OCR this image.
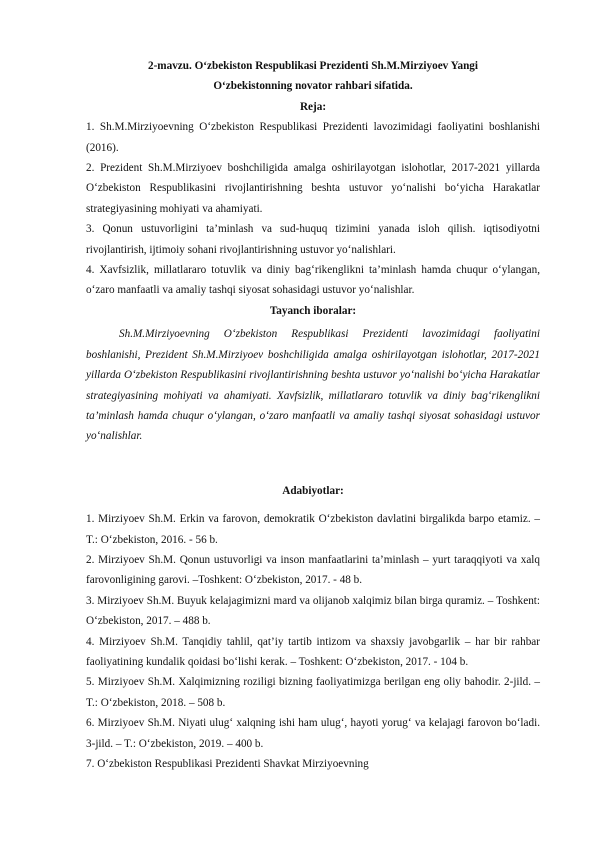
2-mavzu. O‘zbekiston Respublikasi Prezidenti Sh.M.Mirziyoev Yangi

O‘zbekistonning novator rahbari sifatida.

Reja:

1. Sh.M.Mirziyoevning O‘zbekiston Respublikasi Prezidenti lavozimidagi faoliyatini boshlanishi (2016).

2. Prezident Sh.M.Mirziyoev boshchiligida amalga oshirilayotgan islohotlar, 2017-2021 yillarda O‘zbekiston Respublikasini rivojlantirishning beshta ustuvor yo‘nalishi bo‘yicha Harakatlar strategiyasining mohiyati va ahamiyati.

3. Qonun ustuvorligini ta’minlash va sud-huquq tizimini yanada isloh qilish. iqtisodiyotni rivojlantirish, ijtimoiy sohani rivojlantirishning ustuvor yo‘nalishlari.

4. Xavfsizlik, millatlararo totuvlik va diniy bag‘rikenglikni ta’minlash hamda chuqur o‘ylangan, o‘zaro manfaatli va amaliy tashqi siyosat sohasidagi ustuvor yo‘nalishlar.

Tayanch iboralar:

Sh.M.Mirziyoevning O‘zbekiston Respublikasi Prezidenti lavozimidagi faoliyatini boshlanishi, Prezident Sh.M.Mirziyoev boshchiligida amalga oshirilayotgan islohotlar, 2017-2021 yillarda O‘zbekiston Respublikasini rivojlantirishning beshta ustuvor yo‘nalishi bo‘yicha Harakatlar strategiyasining mohiyati va ahamiyati. Xavfsizlik, millatlararo totuvlik va diniy bag‘rikenglikni ta’minlash hamda chuqur o‘ylangan, o‘zaro manfaatli va amaliy tashqi siyosat sohasidagi ustuvor yo‘nalishlar.

Adabiyotlar:

1. Mirziyoev Sh.M. Erkin va farovon, demokratik O‘zbekiston davlatini birgalikda barpo etamiz. – T.: O‘zbekiston, 2016. - 56 b.

2. Mirziyoev Sh.M. Qonun ustuvorligi va inson manfaatlarini ta’minlash – yurt taraqqiyoti va xalq farovonligining garovi. –Toshkent: O‘zbekiston, 2017. - 48 b.

3. Mirziyoev Sh.M. Buyuk kelajagimizni mard va olijanob xalqimiz bilan birga quramiz. – Toshkent: O‘zbekiston, 2017. – 488 b.

4. Mirziyoev Sh.M. Tanqidiy tahlil, qat’iy tartib intizom va shaxsiy javobgarlik – har bir rahbar faoliyatining kundalik qoidasi bo‘lishi kerak. – Toshkent: O‘zbekiston, 2017. - 104 b.

5. Mirziyoev Sh.M. Xalqimizning roziligi bizning faoliyatimizga berilgan eng oliy bahodir. 2-jild. – T.: O‘zbekiston, 2018. – 508 b.

6. Mirziyoev Sh.M. Niyati ulug‘ xalqning ishi ham ulug‘, hayoti yorug‘ va kelajagi farovon bo‘ladi. 3-jild. – T.: O‘zbekiston, 2019. – 400 b.

7. O‘zbekiston Respublikasi Prezidenti Shavkat Mirziyoevning
